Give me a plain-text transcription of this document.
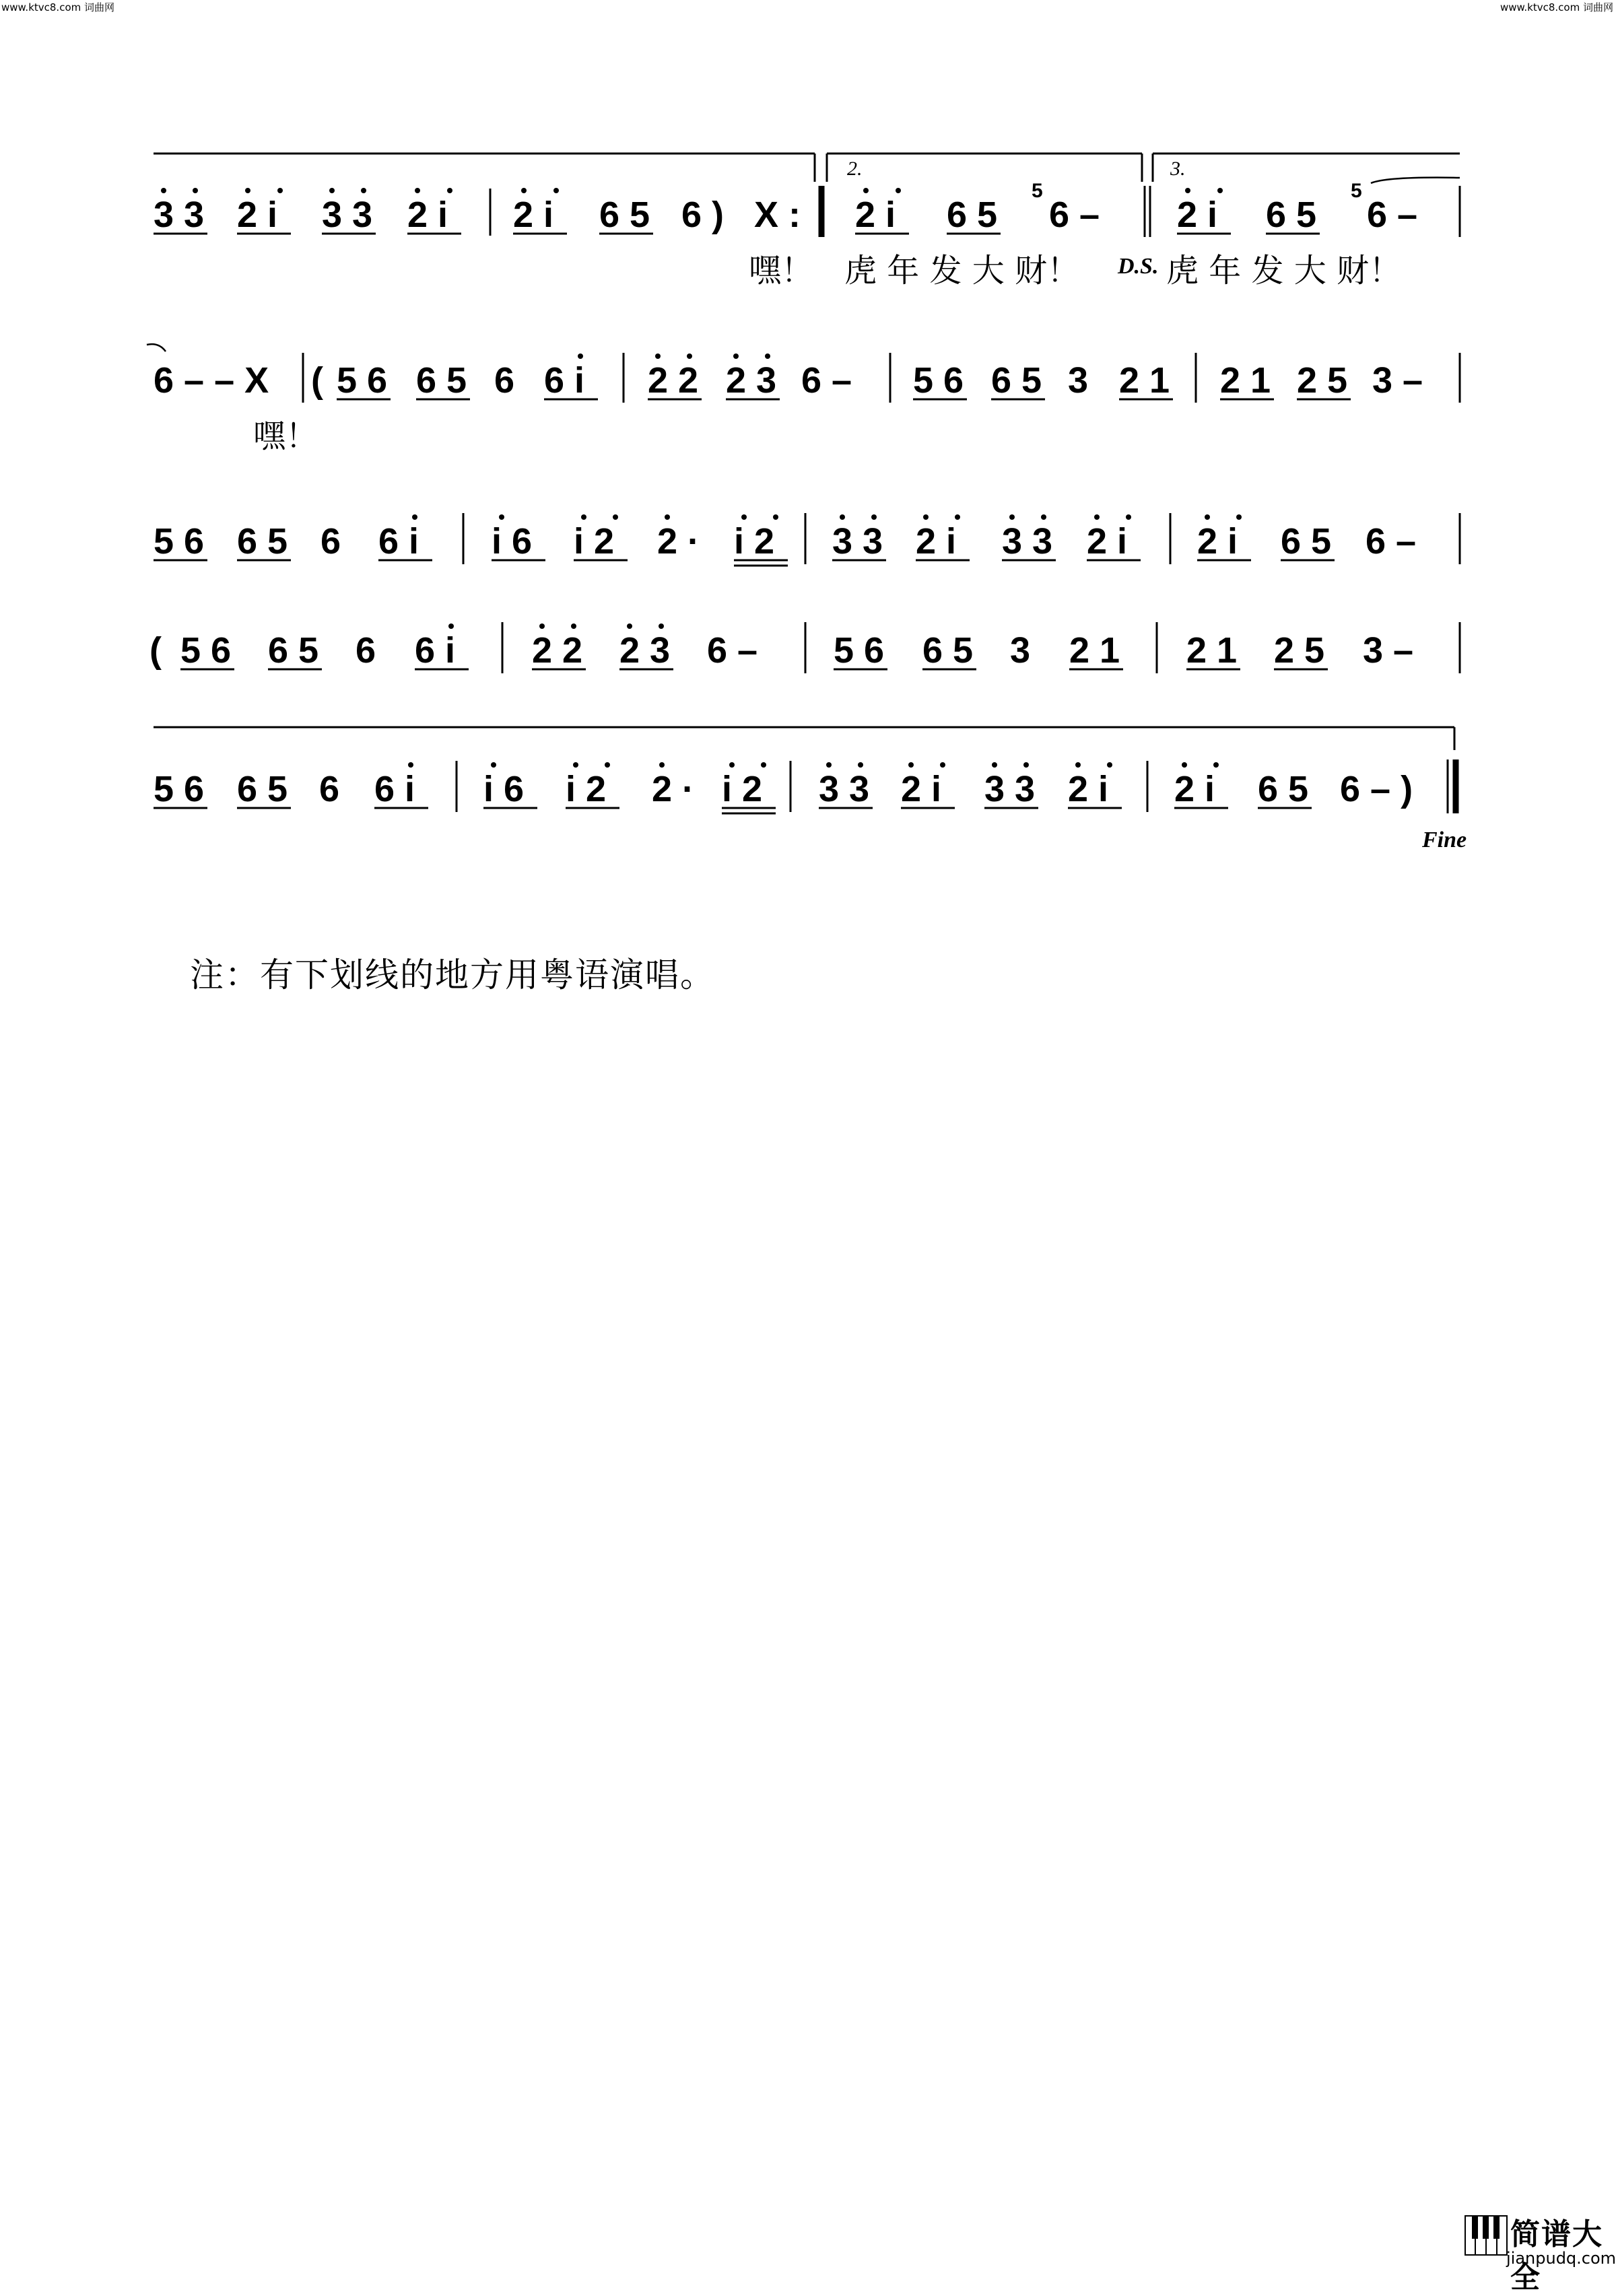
www.ktvc8.com 词曲网	www.ktvc8.com 词曲网
2.	3.
3 3 2 i 3 3 2 i 2 i 6 5 6 ) X : 2 i 6 5 6 – 2 i 6 5 6 –
5	5
嘿！ 虎 年 发 大 财！ D.S. 虎 年 发 大 财！
6 – – X ( 5 6 6 5 6 6 i 2 2 2 3 6 – 5 6 6 5 3 2 1 2 1 2 5 3 –
嘿！
5 6 6 5 6 6 i i 6 i 2 2 · i 2 3 3 2 i 3 3 2 i 2 i 6 5 6 –
( 5 6 6 5 6 6 i 2 2 2 3 6 – 5 6 6 5 3 2 1 2 1 2 5 3 –
5 6 6 5 6 6 i i 6 i 2 2 · i 2 3 3 2 i 3 3 2 i 2 i 6 5 6 – )
Fine
注：有下划线的地方用粤语演唱。
简谱大全
jianpudq.com
